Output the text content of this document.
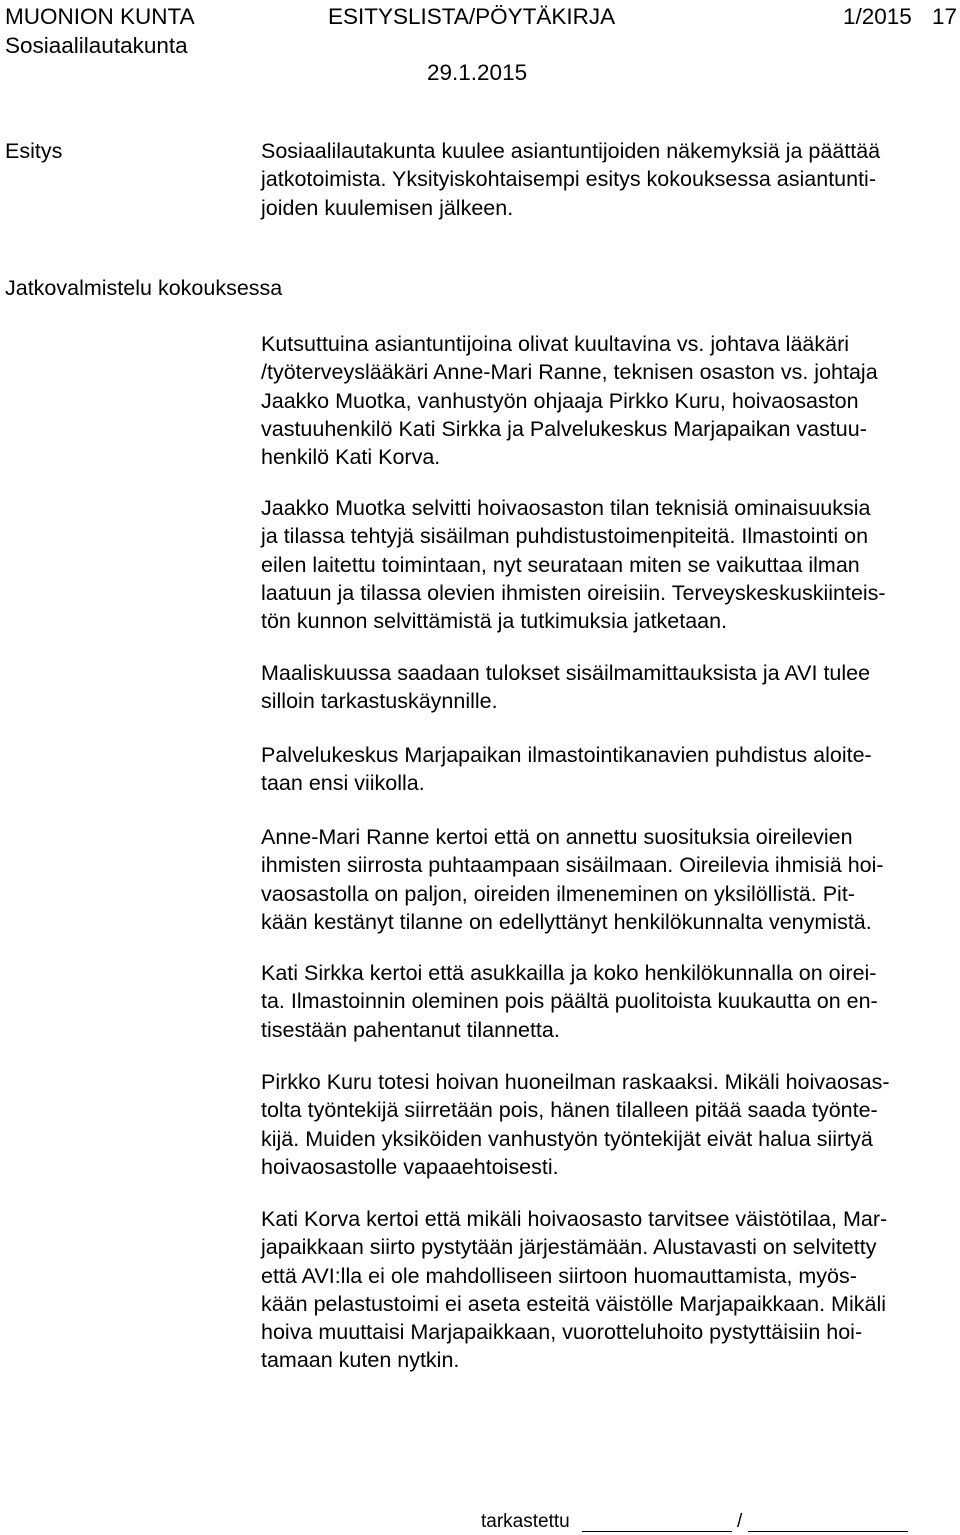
MUONION KUNTA	ESITYSLISTA/PÖYTÄKIRJA	1/2015 17
Sosiaalilautakunta
29.1.2015
Esitys	Sosiaalilautakunta kuulee asiantuntijoiden näkemyksiä ja päättää

jatkotoimista. Yksityiskohtaisempi esitys kokouksessa asiantunti-

joiden kuulemisen jälkeen.

Jatkovalmistelu kokouksessa

Kutsuttuina asiantuntijoina olivat kuultavina vs. johtava lääkäri

/työterveyslääkäri Anne-Mari Ranne, teknisen osaston vs. johtaja

Jaakko Muotka, vanhustyön ohjaaja Pirkko Kuru, hoivaosaston

vastuuhenkilö Kati Sirkka ja Palvelukeskus Marjapaikan vastuu-

henkilö Kati Korva.

Jaakko Muotka selvitti hoivaosaston tilan teknisiä ominaisuuksia

ja tilassa tehtyjä sisäilman puhdistustoimenpiteitä. Ilmastointi on

eilen laitettu toimintaan, nyt seurataan miten se vaikuttaa ilman

laatuun ja tilassa olevien ihmisten oireisiin. Terveyskeskuskiinteis-

tön kunnon selvittämistä ja tutkimuksia jatketaan.

Maaliskuussa saadaan tulokset sisäilmamittauksista ja AVI tulee

silloin tarkastuskäynnille.

Palvelukeskus Marjapaikan ilmastointikanavien puhdistus aloite-

taan ensi viikolla.

Anne-Mari Ranne kertoi että on annettu suosituksia oireilevien

ihmisten siirrosta puhtaampaan sisäilmaan. Oireilevia ihmisiä hoi-

vaosastolla on paljon, oireiden ilmeneminen on yksilöllistä. Pit-

kään kestänyt tilanne on edellyttänyt henkilökunnalta venymistä.

Kati Sirkka kertoi että asukkailla ja koko henkilökunnalla on oirei-

ta. Ilmastoinnin oleminen pois päältä puolitoista kuukautta on en-

tisestään pahentanut tilannetta.

Pirkko Kuru totesi hoivan huoneilman raskaaksi. Mikäli hoivaosas-

tolta työntekijä siirretään pois, hänen tilalleen pitää saada työnte-

kijä. Muiden yksiköiden vanhustyön työntekijät eivät halua siirtyä

hoivaosastolle vapaaehtoisesti.

Kati Korva kertoi että mikäli hoivaosasto tarvitsee väistötilaa, Mar-

japaikkaan siirto pystytään järjestämään. Alustavasti on selvitetty

että AVI:lla ei ole mahdolliseen siirtoon huomauttamista, myös-

kään pelastustoimi ei aseta esteitä väistölle Marjapaikkaan. Mikäli

hoiva muuttaisi Marjapaikkaan, vuorotteluhoito pystyttäisiin hoi-

tamaan kuten nytkin.

tarkastettu	/
